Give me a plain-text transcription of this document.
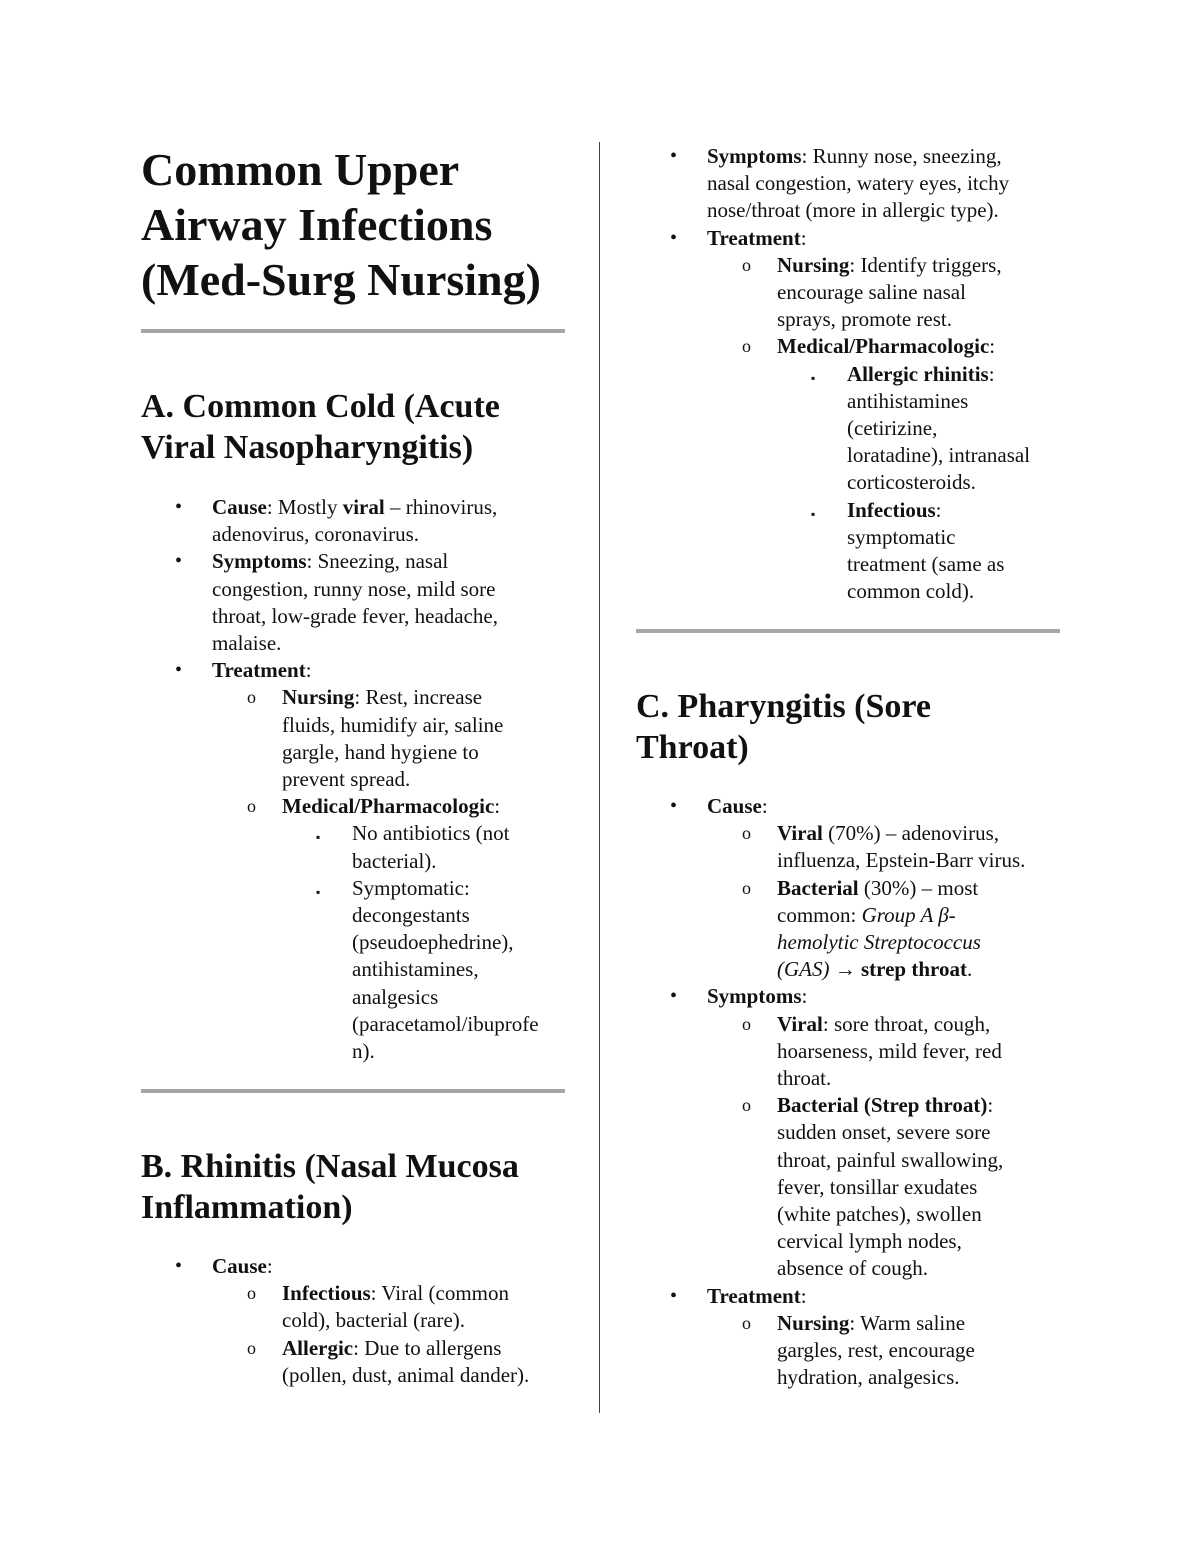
Common Upper
Airway Infections
(Med-Surg Nursing)
A. Common Cold (Acute
Viral Nasopharyngitis)
• Cause: Mostly viral – rhinovirus,
adenovirus, coronavirus.
• Symptoms: Sneezing, nasal
congestion, runny nose, mild sore
throat, low-grade fever, headache,
malaise.
• Treatment:
o Nursing: Rest, increase
fluids, humidify air, saline
gargle, hand hygiene to
prevent spread.
o Medical/Pharmacologic:
▪ No antibiotics (not
bacterial).
▪ Symptomatic:
decongestants
(pseudoephedrine),
antihistamines,
analgesics
(paracetamol/ibuprofe
n).
B. Rhinitis (Nasal Mucosa
Inflammation)
• Cause:
o Infectious: Viral (common
cold), bacterial (rare).
o Allergic: Due to allergens
(pollen, dust, animal dander).
• Symptoms: Runny nose, sneezing,
nasal congestion, watery eyes, itchy
nose/throat (more in allergic type).
• Treatment:
o Nursing: Identify triggers,
encourage saline nasal
sprays, promote rest.
o Medical/Pharmacologic:
▪ Allergic rhinitis:
antihistamines
(cetirizine,
loratadine), intranasal
corticosteroids.
▪ Infectious:
symptomatic
treatment (same as
common cold).
C. Pharyngitis (Sore
Throat)
• Cause:
o Viral (70%) – adenovirus,
influenza, Epstein-Barr virus.
o Bacterial (30%) – most
common: Group A β-
hemolytic Streptococcus
(GAS) → strep throat.
• Symptoms:
o Viral: sore throat, cough,
hoarseness, mild fever, red
throat.
o Bacterial (Strep throat):
sudden onset, severe sore
throat, painful swallowing,
fever, tonsillar exudates
(white patches), swollen
cervical lymph nodes,
absence of cough.
• Treatment:
o Nursing: Warm saline
gargles, rest, encourage
hydration, analgesics.
